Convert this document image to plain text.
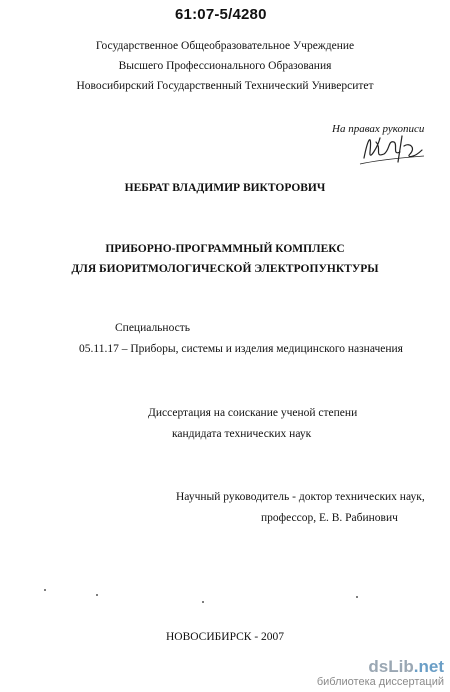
61:07-5/4280
Государственное Общеобразовательное Учреждение
Высшего Профессионального Образования
Новосибирский Государственный Технический Университет
На правах рукописи
НЕБРАТ ВЛАДИМИР ВИКТОРОВИЧ
ПРИБОРНО-ПРОГРАММНЫЙ КОМПЛЕКС
ДЛЯ БИОРИТМОЛОГИЧЕСКОЙ ЭЛЕКТРОПУНКТУРЫ
Специальность
05.11.17 – Приборы, системы и изделия медицинского назначения
Диссертация на соискание ученой степени
кандидата технических наук
Научный руководитель - доктор технических наук,
профессор, Е. В. Рабинович
НОВОСИБИРСК - 2007
dsLib.net
библиотека диссертаций
